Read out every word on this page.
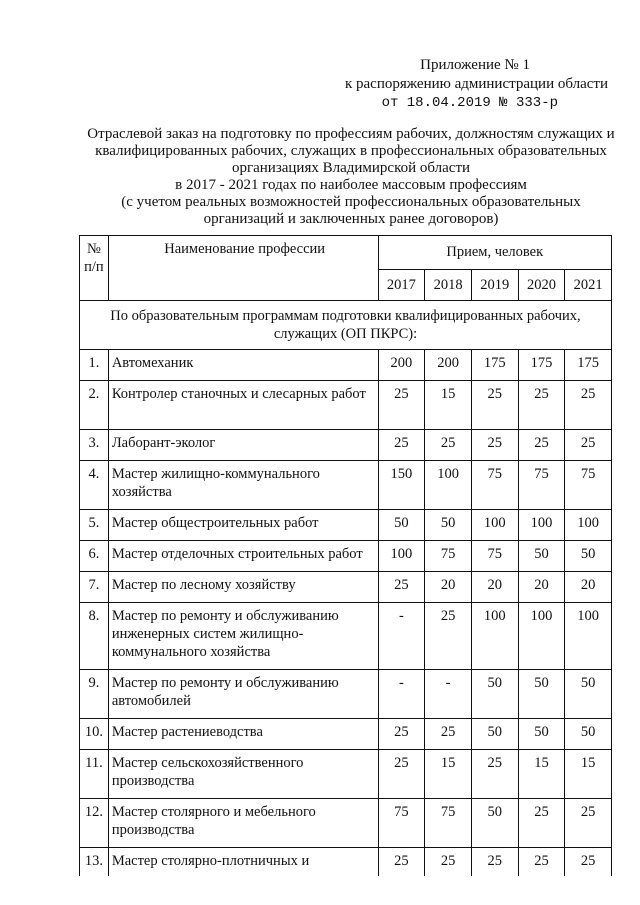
Приложение № 1
к распоряжению администрации области
от 18.04.2019 № 333-р
Отраслевой заказ на подготовку по профессиям рабочих, должностям служащих и
квалифицированных рабочих, служащих в профессиональных образовательных
организациях Владимирской области
в 2017 - 2021 годах по наиболее массовым профессиям
(с учетом реальных возможностей профессиональных образовательных
организаций и заключенных ранее договоров)
№ п/п	Наименование профессии	Прием, человек				
		2017	2018	2019	2020	2021
По образовательным программам подготовки квалифицированных рабочих, служащих (ОП ПКРС):						
1.	Автомеханик	200	200	175	175	175
2.	Контролер станочных и слесарных работ	25	15	25	25	25
3.	Лаборант-эколог	25	25	25	25	25
4.	Мастер жилищно-коммунального хозяйства	150	100	75	75	75
5.	Мастер общестроительных работ	50	50	100	100	100
6.	Мастер отделочных строительных работ	100	75	75	50	50
7.	Мастер по лесному хозяйству	25	20	20	20	20
8.	Мастер по ремонту и обслуживанию инженерных систем жилищно-коммунального хозяйства	-	25	100	100	100
9.	Мастер по ремонту и обслуживанию автомобилей	-	-	50	50	50
10.	Мастер растениеводства	25	25	50	50	50
11.	Мастер сельскохозяйственного производства	25	15	25	15	15
12.	Мастер столярного и мебельного производства	75	75	50	25	25
13.	Мастер столярно-плотничных и	25	25	25	25	25
